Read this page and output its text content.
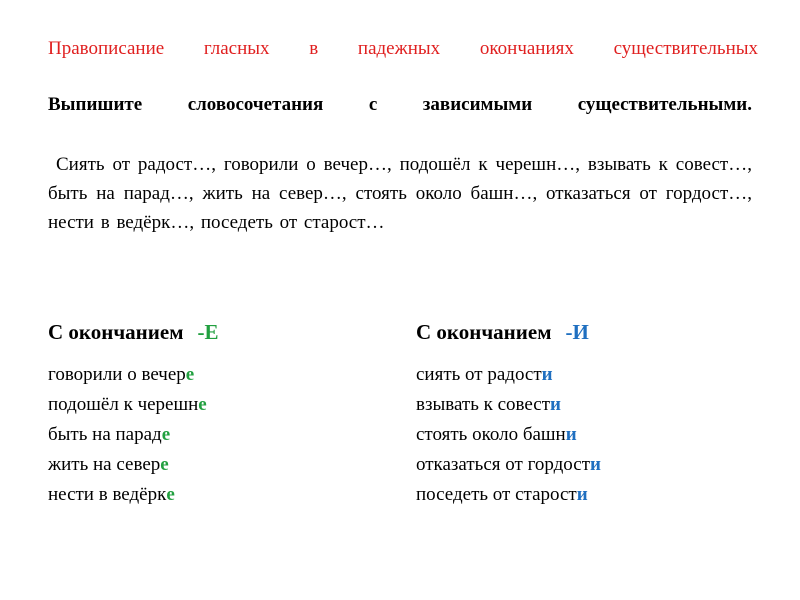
Правописание гласных в падежных окончаниях существительных
Выпишите словосочетания с зависимыми существительными.
Сиять от радост…, говорили о вечер…, подошёл к черешн…, взывать к совест…, быть на парад…, жить на север…, стоять около башн…, отказаться от гордост…, нести в ведёрк…, поседеть от старост…
С окончанием -Е
говорили о вечере
подошёл к черешне
быть на параде
жить на севере
нести в ведёрке
С окончанием -И
сиять от радости
взывать к совести
стоять около башни
отказаться от гордости
поседеть от старости
